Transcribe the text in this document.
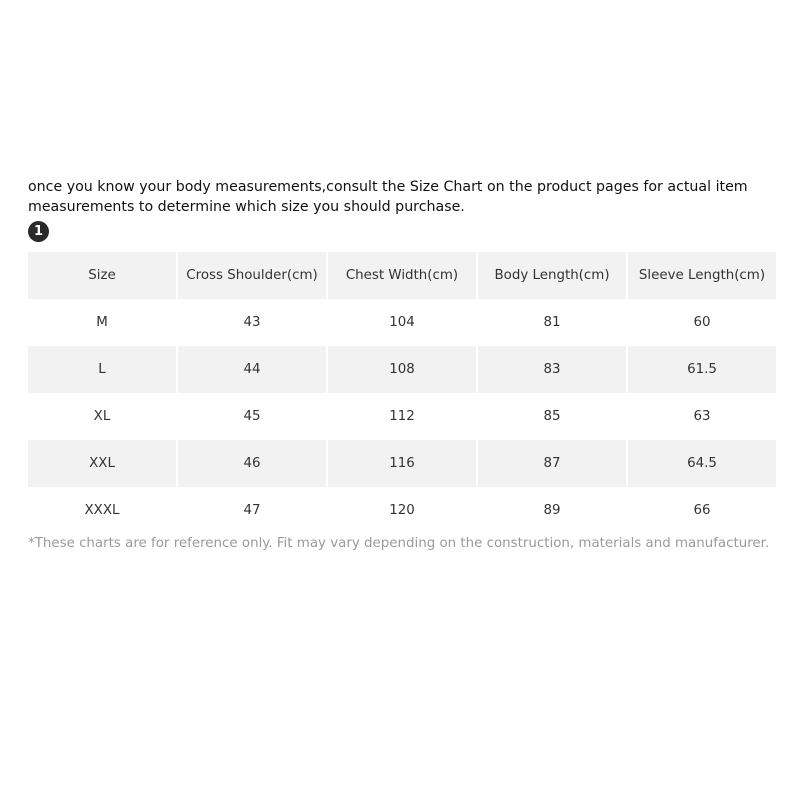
once you know your body measurements,consult the Size Chart on the product pages for actual item measurements to determine which size you should purchase.

1
Size	Cross Shoulder(cm)	Chest Width(cm)	Body Length(cm)	Sleeve Length(cm)
M	43	104	81	60
L	44	108	83	61.5
XL	45	112	85	63
XXL	46	116	87	64.5
XXXL	47	120	89	66

*These charts are for reference only. Fit may vary depending on the construction, materials and manufacturer.
